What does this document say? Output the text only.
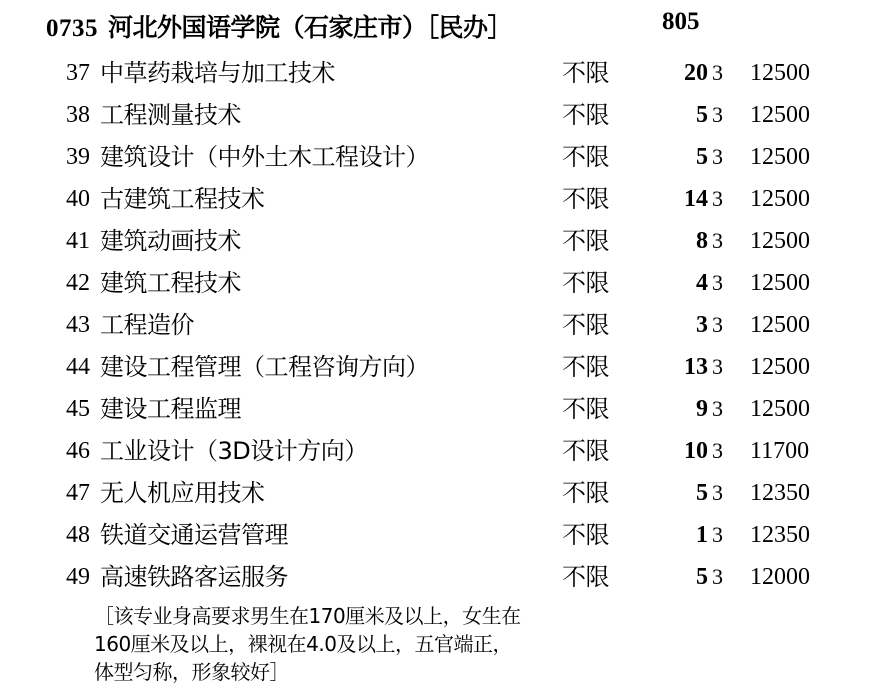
0735 河北外国语学院（石家庄市）［民办］	805
37 中草药栽培与加工技术	不限	20 3 12500
38 工程测量技术	不限	5 3 12500
39 建筑设计（中外土木工程设计）	不限	5 3 12500
40 古建筑工程技术	不限	14 3 12500
41 建筑动画技术	不限	8 3 12500
42 建筑工程技术	不限	4 3 12500
43 工程造价	不限	3 3 12500
44 建设工程管理（工程咨询方向）	不限	13 3 12500
45 建设工程监理	不限	9 3 12500
46 工业设计（3D设计方向）	不限	10 3 11700
47 无人机应用技术	不限	5 3 12350
48 铁道交通运营管理	不限	1 3 12350
49 高速铁路客运服务	不限	5 3 12000
［该专业身高要求男生在170厘米及以上，女生在
160厘米及以上，裸视在4.0及以上，五官端正，
体型匀称，形象较好］
